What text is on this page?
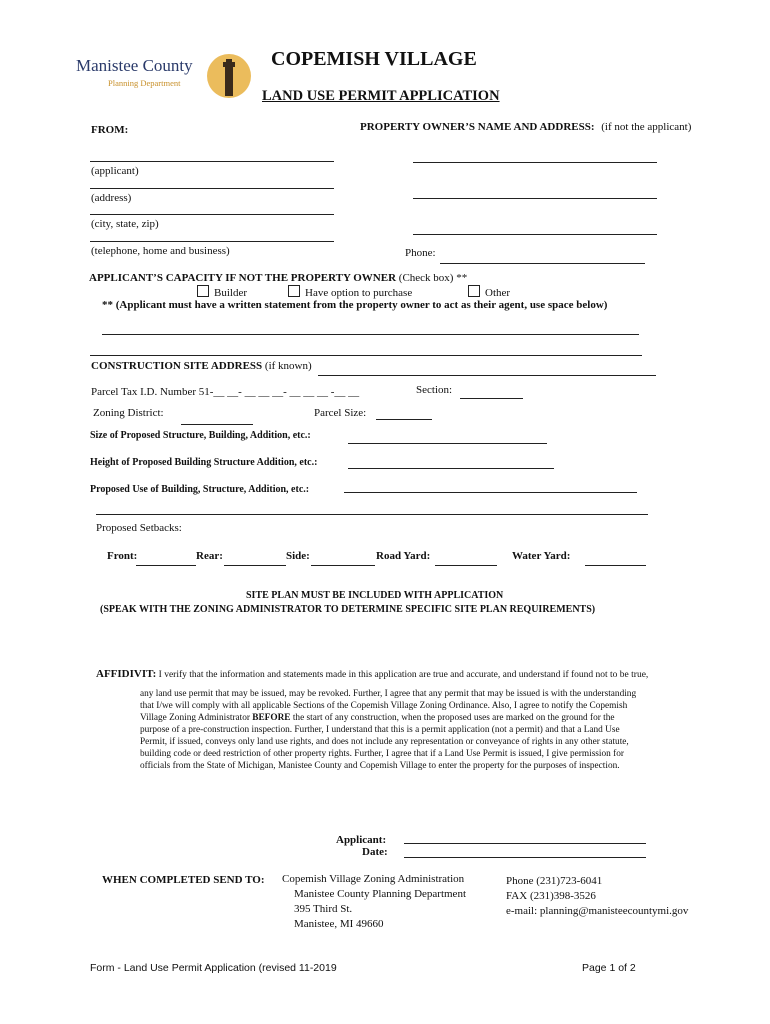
Manistee County
Planning Department
COPEMISH VILLAGE
LAND USE PERMIT APPLICATION
FROM:	PROPERTY OWNER’S NAME AND ADDRESS: (if not the applicant)
(applicant)
(address)
(city, state, zip)
(telephone, home and business)	Phone:
APPLICANT’S CAPACITY IF NOT THE PROPERTY OWNER (Check box) **
Builder	Have option to purchase	Other
** (Applicant must have a written statement from the property owner to act as their agent, use space below)
CONSTRUCTION SITE ADDRESS (if known)
Parcel Tax I.D. Number 51-__ __- __ __ __- __ __ __ -__ __	Section:
Zoning District:	Parcel Size:
Size of Proposed Structure, Building, Addition, etc.:
Height of Proposed Building Structure Addition, etc.:
Proposed Use of Building, Structure, Addition, etc.:
Proposed Setbacks:
Front:	Rear:	Side:	Road Yard:	Water Yard:
SITE PLAN MUST BE INCLUDED WITH APPLICATION
(SPEAK WITH THE ZONING ADMINISTRATOR TO DETERMINE SPECIFIC SITE PLAN REQUIREMENTS)
AFFIDIVIT: I verify that the information and statements made in this application are true and accurate, and understand if found not to be true,
any land use permit that may be issued, may be revoked. Further, I agree that any permit that may be issued is with the understanding
that I/we will comply with all applicable Sections of the Copemish Village Zoning Ordinance. Also, I agree to notify the Copemish
Village Zoning Administrator BEFORE the start of any construction, when the proposed uses are marked on the ground for the
purpose of a pre-construction inspection. Further, I understand that this is a permit application (not a permit) and that a Land Use
Permit, if issued, conveys only land use rights, and does not include any representation or conveyance of rights in any other statute,
building code or deed restriction of other property rights. Further, I agree that if a Land Use Permit is issued, I give permission for
officials from the State of Michigan, Manistee County and Copemish Village to enter the property for the purposes of inspection.
Applicant:
Date:
WHEN COMPLETED SEND TO: Copemish Village Zoning Administration
Manistee County Planning Department
395 Third St.
Manistee, MI 49660
Phone (231)723-6041
FAX (231)398-3526
e-mail: planning@manisteecountymi.gov
Form - Land Use Permit Application (revised 11-2019	Page 1 of 2
